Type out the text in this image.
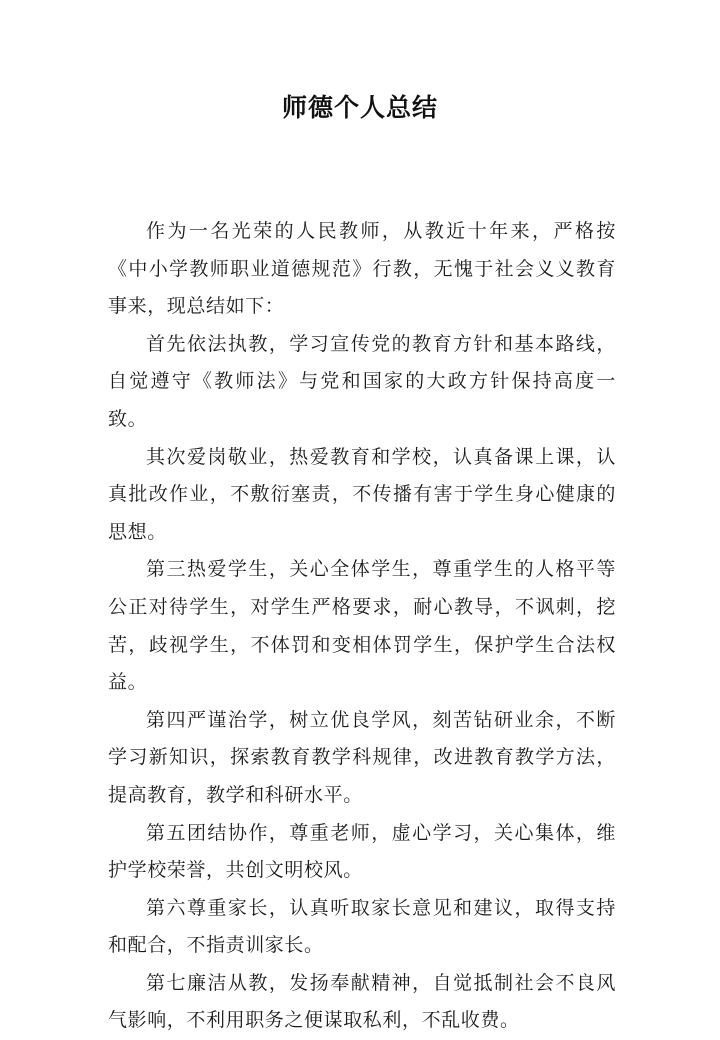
师德个人总结

作为一名光荣的人民教师，从教近十年来，严格按《中小学教师职业道德规范》行教，无愧于社会义义教育事来，现总结如下：

首先依法执教，学习宣传党的教育方针和基本路线，自觉遵守《教师法》与党和国家的大政方针保持高度一致。

其次爱岗敬业，热爱教育和学校，认真备课上课，认真批改作业，不敷衍塞责，不传播有害于学生身心健康的思想。

第三热爱学生，关心全体学生，尊重学生的人格平等公正对待学生，对学生严格要求，耐心教导，不讽刺，挖苦，歧视学生，不体罚和变相体罚学生，保护学生合法权益。

第四严谨治学，树立优良学风，刻苦钻研业余，不断学习新知识，探索教育教学科规律，改进教育教学方法，提高教育，教学和科研水平。

第五团结协作，尊重老师，虚心学习，关心集体，维护学校荣誉，共创文明校风。

第六尊重家长，认真听取家长意见和建议，取得支持和配合，不指责训家长。

第七廉洁从教，发扬奉献精神，自觉抵制社会不良风气影响，不利用职务之便谋取私利，不乱收费。
